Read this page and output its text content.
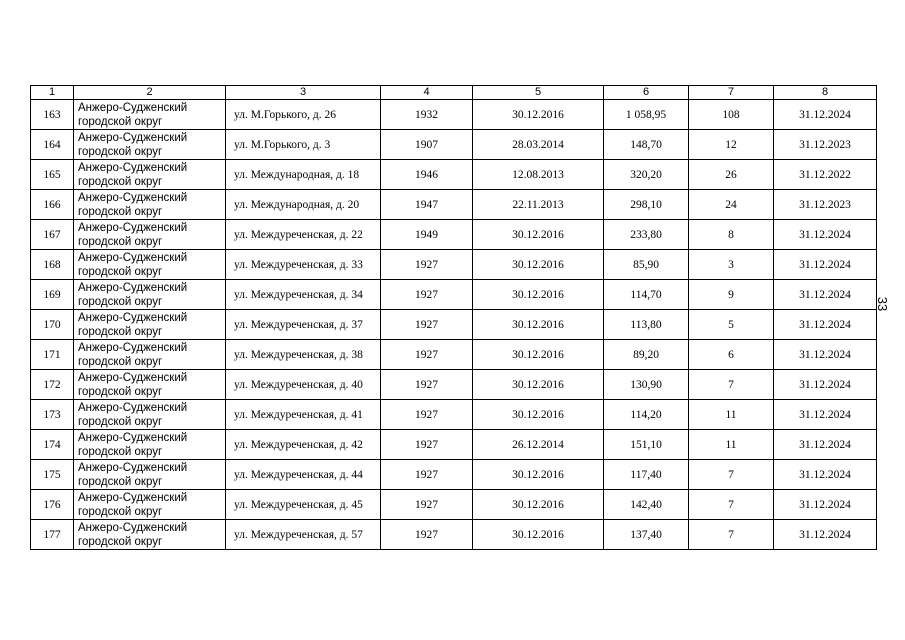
1	2	3	4	5	6	7	8
163	Анжеро-Судженский городской округ	ул. М.Горького, д. 26	1932	30.12.2016	1 058,95	108	31.12.2024
164	Анжеро-Судженский городской округ	ул. М.Горького, д. 3	1907	28.03.2014	148,70	12	31.12.2023
165	Анжеро-Судженский городской округ	ул. Международная, д. 18	1946	12.08.2013	320,20	26	31.12.2022
166	Анжеро-Судженский городской округ	ул. Международная, д. 20	1947	22.11.2013	298,10	24	31.12.2023
167	Анжеро-Судженский городской округ	ул. Междуреченская, д. 22	1949	30.12.2016	233,80	8	31.12.2024
168	Анжеро-Судженский городской округ	ул. Междуреченская, д. 33	1927	30.12.2016	85,90	3	31.12.2024
169	Анжеро-Судженский городской округ	ул. Междуреченская, д. 34	1927	30.12.2016	114,70	9	31.12.2024
170	Анжеро-Судженский городской округ	ул. Междуреченская, д. 37	1927	30.12.2016	113,80	5	31.12.2024
171	Анжеро-Судженский городской округ	ул. Междуреченская, д. 38	1927	30.12.2016	89,20	6	31.12.2024
172	Анжеро-Судженский городской округ	ул. Междуреченская, д. 40	1927	30.12.2016	130,90	7	31.12.2024
173	Анжеро-Судженский городской округ	ул. Междуреченская, д. 41	1927	30.12.2016	114,20	11	31.12.2024
174	Анжеро-Судженский городской округ	ул. Междуреченская, д. 42	1927	26.12.2014	151,10	11	31.12.2024
175	Анжеро-Судженский городской округ	ул. Междуреченская, д. 44	1927	30.12.2016	117,40	7	31.12.2024
176	Анжеро-Судженский городской округ	ул. Междуреченская, д. 45	1927	30.12.2016	142,40	7	31.12.2024
177	Анжеро-Судженский городской округ	ул. Междуреченская, д. 57	1927	30.12.2016	137,40	7	31.12.2024
33
